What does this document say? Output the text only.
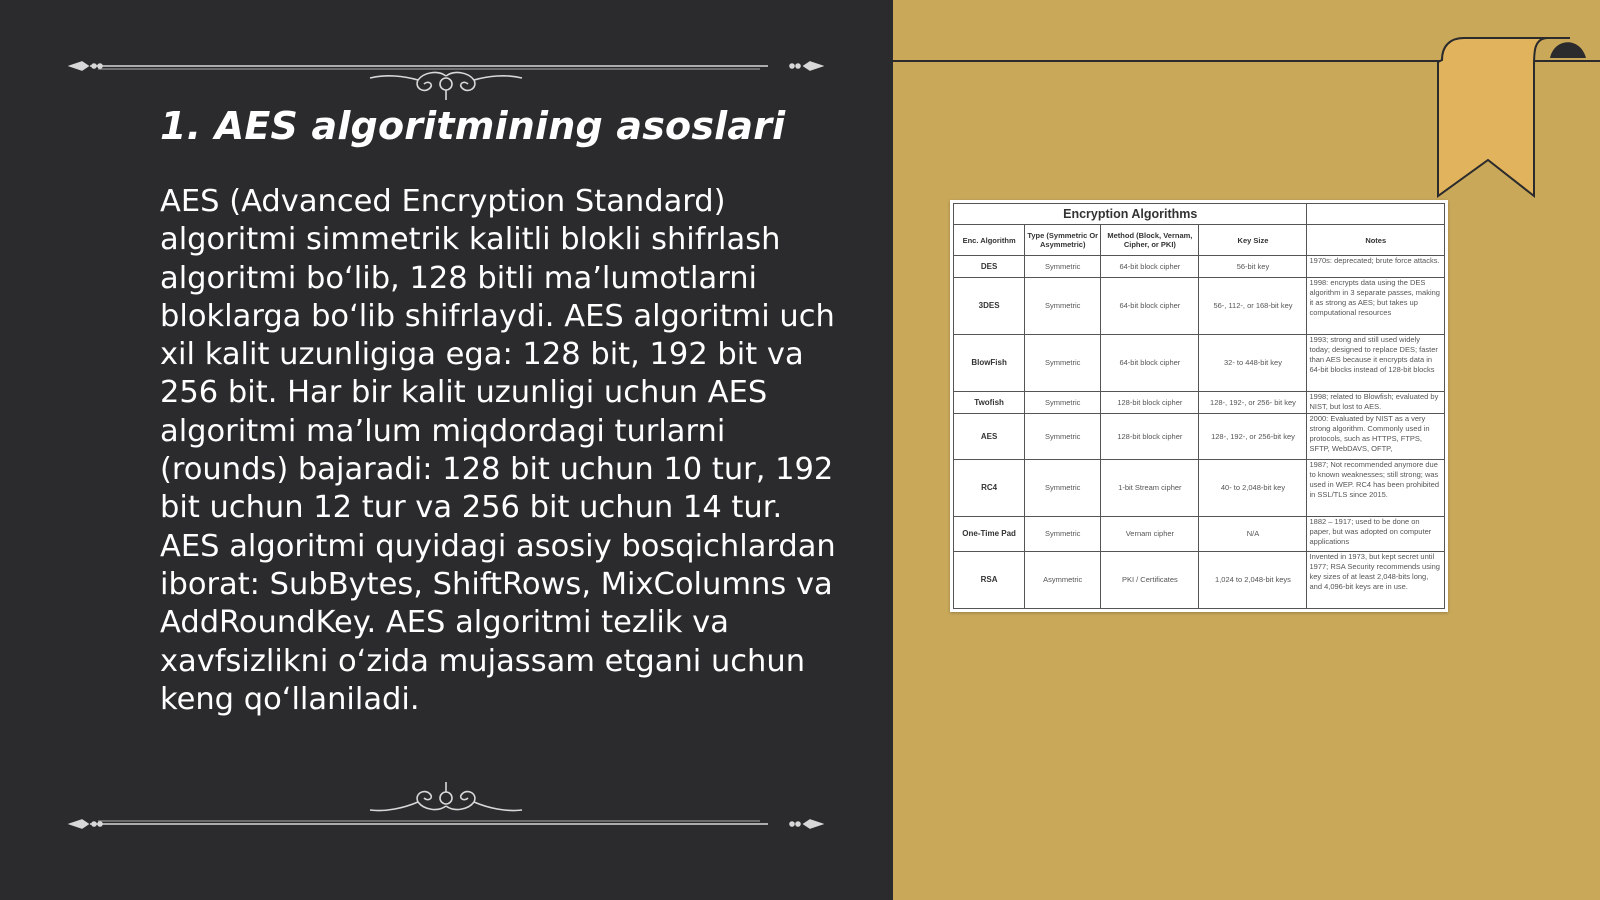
1. AES algoritmining asoslari

AES (Advanced Encryption Standard) algoritmi simmetrik kalitli blokli shifrlash algoritmi bo‘lib, 128 bitli ma’lumotlarni bloklarga bo‘lib shifrlaydi. AES algoritmi uch xil kalit uzunligiga ega: 128 bit, 192 bit va 256 bit. Har bir kalit uzunligi uchun AES algoritmi ma’lum miqdordagi turlarni (rounds) bajaradi: 128 bit uchun 10 tur, 192 bit uchun 12 tur va 256 bit uchun 14 tur. AES algoritmi quyidagi asosiy bosqichlardan iborat: SubBytes, ShiftRows, MixColumns va AddRoundKey. AES algoritmi tezlik va xavfsizlikni o‘zida mujassam etgani uchun keng qo‘llaniladi.

Encryption Algorithms				
Enc. Algorithm	Type (Symmetric Or Asymmetric)	Method (Block, Vernam, Cipher, or PKI)	Key Size	Notes
DES	Symmetric	64-bit block cipher	56-bit key	1970s: deprecated; brute force attacks.
3DES	Symmetric	64-bit block cipher	56-, 112-, or 168-bit key	1998: encrypts data using the DES algorithm in 3 separate passes, making it as strong as AES; but takes up computational resources
BlowFish	Symmetric	64-bit block cipher	32- to 448-bit key	1993; strong and still used widely today; designed to replace DES; faster than AES because it encrypts data in 64-bit blocks instead of 128-bit blocks
Twofish	Symmetric	128-bit block cipher	128-, 192-, or 256- bit key	1998; related to Blowfish; evaluated by NIST, but lost to AES.
AES	Symmetric	128-bit block cipher	128-, 192-, or 256-bit key	2000: Evaluated by NIST as a very strong algorithm. Commonly used in protocols, such as HTTPS, FTPS, SFTP, WebDAVS, OFTP,
RC4	Symmetric	1-bit Stream cipher	40- to 2,048-bit key	1987; Not recommended anymore due to known weaknesses; still strong; was used in WEP. RC4 has been prohibited in SSL/TLS since 2015.
One-Time Pad	Symmetric	Vernam cipher	N/A	1882 – 1917; used to be done on paper, but was adopted on computer applications
RSA	Asymmetric	PKI / Certificates	1,024 to 2,048-bit keys	Invented in 1973, but kept secret until 1977; RSA Security recommends using key sizes of at least 2,048-bits long, and 4,096-bit keys are in use.
